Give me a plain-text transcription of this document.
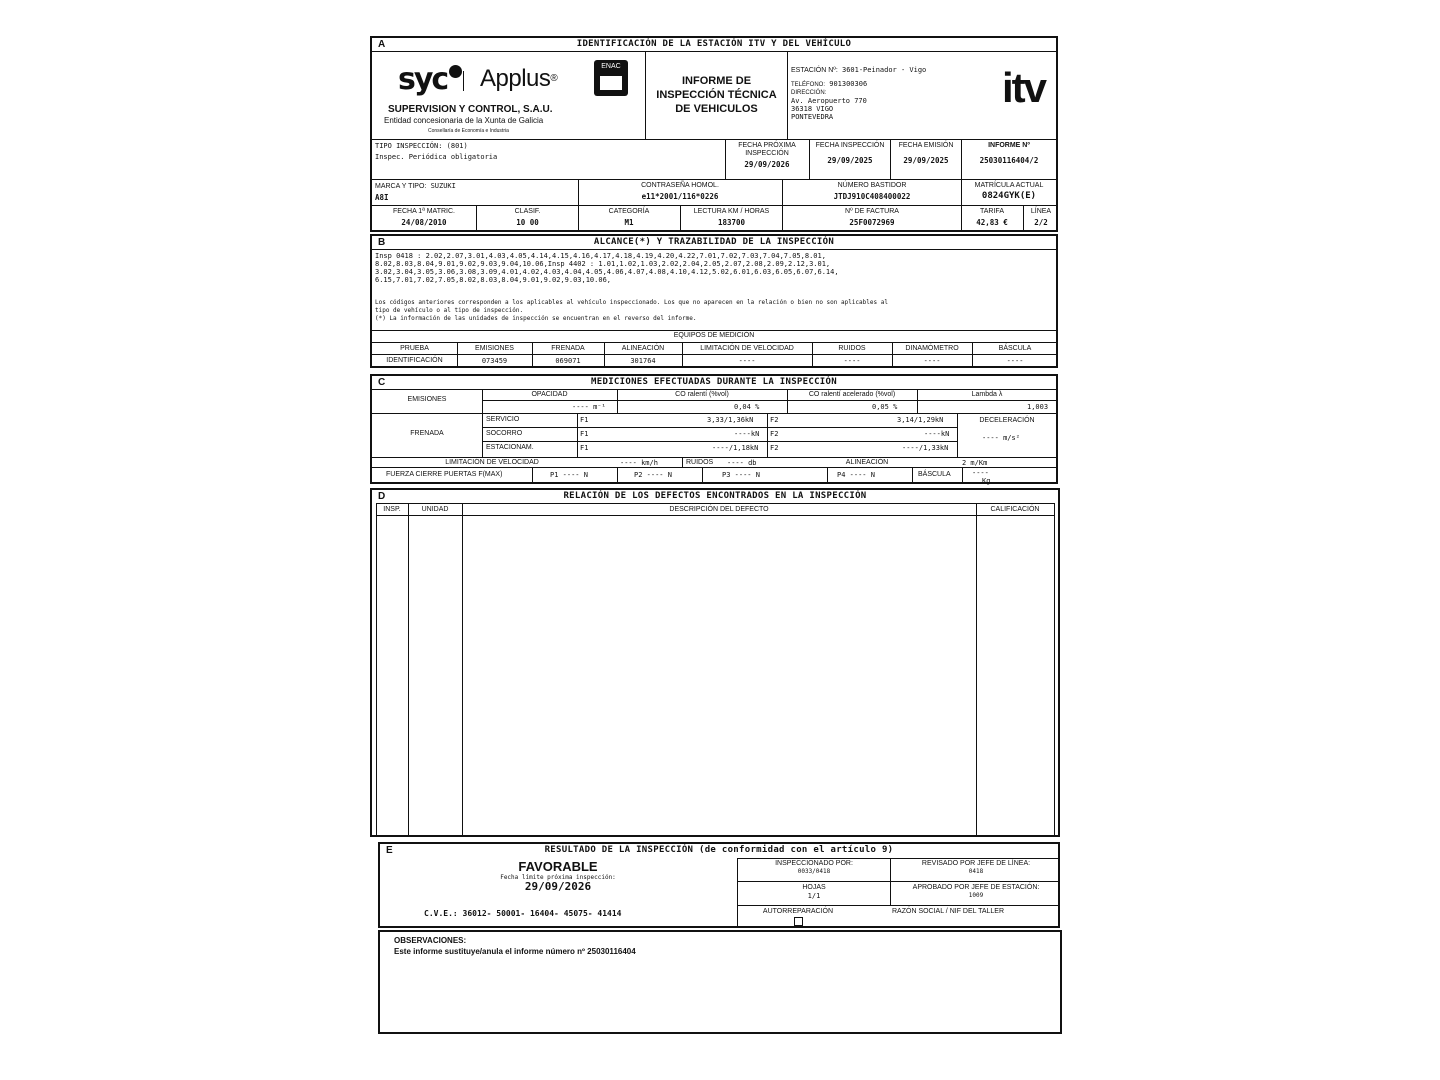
IDENTIFICACIÓN DE LA ESTACIÓN ITV Y DEL VEHÍCULO
A
syc	Applus®
SUPERVISION Y CONTROL, S.A.U.
Entidad concesionaria de la Xunta de Galicia
Consellaría de Economía e Industria
ENAC
INFORME DE
INSPECCIÓN TÉCNICA
DE VEHICULOS
ESTACIÓN Nº: 3601-Peinador - Vigo
TELÉFONO: 901300306
DIRECCIÓN:
Av. Aeropuerto 770
36318 VIGO
PONTEVEDRA
itv
TIPO INSPECCIÓN: (801)
Inspec. Periódica obligatoria
FECHA PRÓXIMA INSPECCIÓN
29/09/2026
FECHA INSPECCIÓN
29/09/2025
FECHA EMISIÓN
29/09/2025
INFORME Nº
25030116404/2
MARCA Y TIPO: SUZUKI
A8I
CONTRASEÑA HOMOL.
e11*2001/116*0226
NÚMERO BASTIDOR
JTDJ910C408400022
MATRÍCULA ACTUAL
0824GYK(E)
FECHA 1ª MATRIC.
24/08/2010
CLASIF.
10 00
CATEGORÍA
M1
LECTURA KM / HORAS
183700
Nº DE FACTURA
25F0072969
TARIFA
42,83 €
LÍNEA
2/2
ALCANCE(*) Y TRAZABILIDAD DE LA INSPECCIÓN
B
Insp 0418 : 2.02,2.07,3.01,4.03,4.05,4.14,4.15,4.16,4.17,4.18,4.19,4.20,4.22,7.01,7.02,7.03,7.04,7.05,8.01,
8.02,8.03,8.04,9.01,9.02,9.03,9.04,10.06,Insp 4402 : 1.01,1.02,1.03,2.02,2.04,2.05,2.07,2.08,2.09,2.12,3.01,
3.02,3.04,3.05,3.06,3.08,3.09,4.01,4.02,4.03,4.04,4.05,4.06,4.07,4.08,4.10,4.12,5.02,6.01,6.03,6.05,6.07,6.14,
6.15,7.01,7.02,7.05,8.02,8.03,8.04,9.01,9.02,9.03,10.06,
Los códigos anteriores corresponden a los aplicables al vehículo inspeccionado. Los que no aparecen en la relación o bien no son aplicables al
tipo de vehículo o al tipo de inspección.
(*) La información de las unidades de inspección se encuentran en el reverso del informe.
EQUIPOS DE MEDICIÓN
PRUEBA	EMISIONES	FRENADA	ALINEACIÓN	LIMITACIÓN DE VELOCIDAD	RUIDOS	DINAMÓMETRO	BÁSCULA
IDENTIFICACIÓN	073459	069071	301764	----	----	----	----
MEDICIONES EFECTUADAS DURANTE LA INSPECCIÓN
C
EMISIONES
OPACIDAD
---- m⁻¹
CO ralentí (%vol)
0,04 %
CO ralentí acelerado (%vol)
0,05 %
Lambda λ
1,003
FRENADA
SERVICIO	F1	3,33/1,36kN F2	3,14/1,29kN
SOCORRO	F1	----kN F2	----kN
ESTACIONAM.	F1	----/1,18kN F2	----/1,33kN
DECELERACIÓN
---- m/s²
LIMITACIÓN DE VELOCIDAD	---- km/h	RUIDOS ---- db	ALINEACIÓN	2 m/Km
FUERZA CIERRE PUERTAS F(MAX)	P1 ---- N	P2 ---- N	P3 ---- N	P4 ---- N	BÁSCULA	----
Kg
RELACIÓN DE LOS DEFECTOS ENCONTRADOS EN LA INSPECCIÓN
D
INSP.	UNIDAD	DESCRIPCIÓN DEL DEFECTO	CALIFICACIÓN
RESULTADO DE LA INSPECCIÓN (de conformidad con el artículo 9)
E
FAVORABLE
Fecha límite próxima inspección:
29/09/2026
C.V.E.: 36012- 50001- 16404- 45075- 41414
INSPECCIONADO POR:
0033/0418
REVISADO POR JEFE DE LÍNEA:
0418
HOJAS
1/1
APROBADO POR JEFE DE ESTACIÓN:
1009
AUTORREPARACIÓN	RAZÓN SOCIAL / NIF DEL TALLER
OBSERVACIONES:
Este informe sustituye/anula el informe número nº 25030116404
